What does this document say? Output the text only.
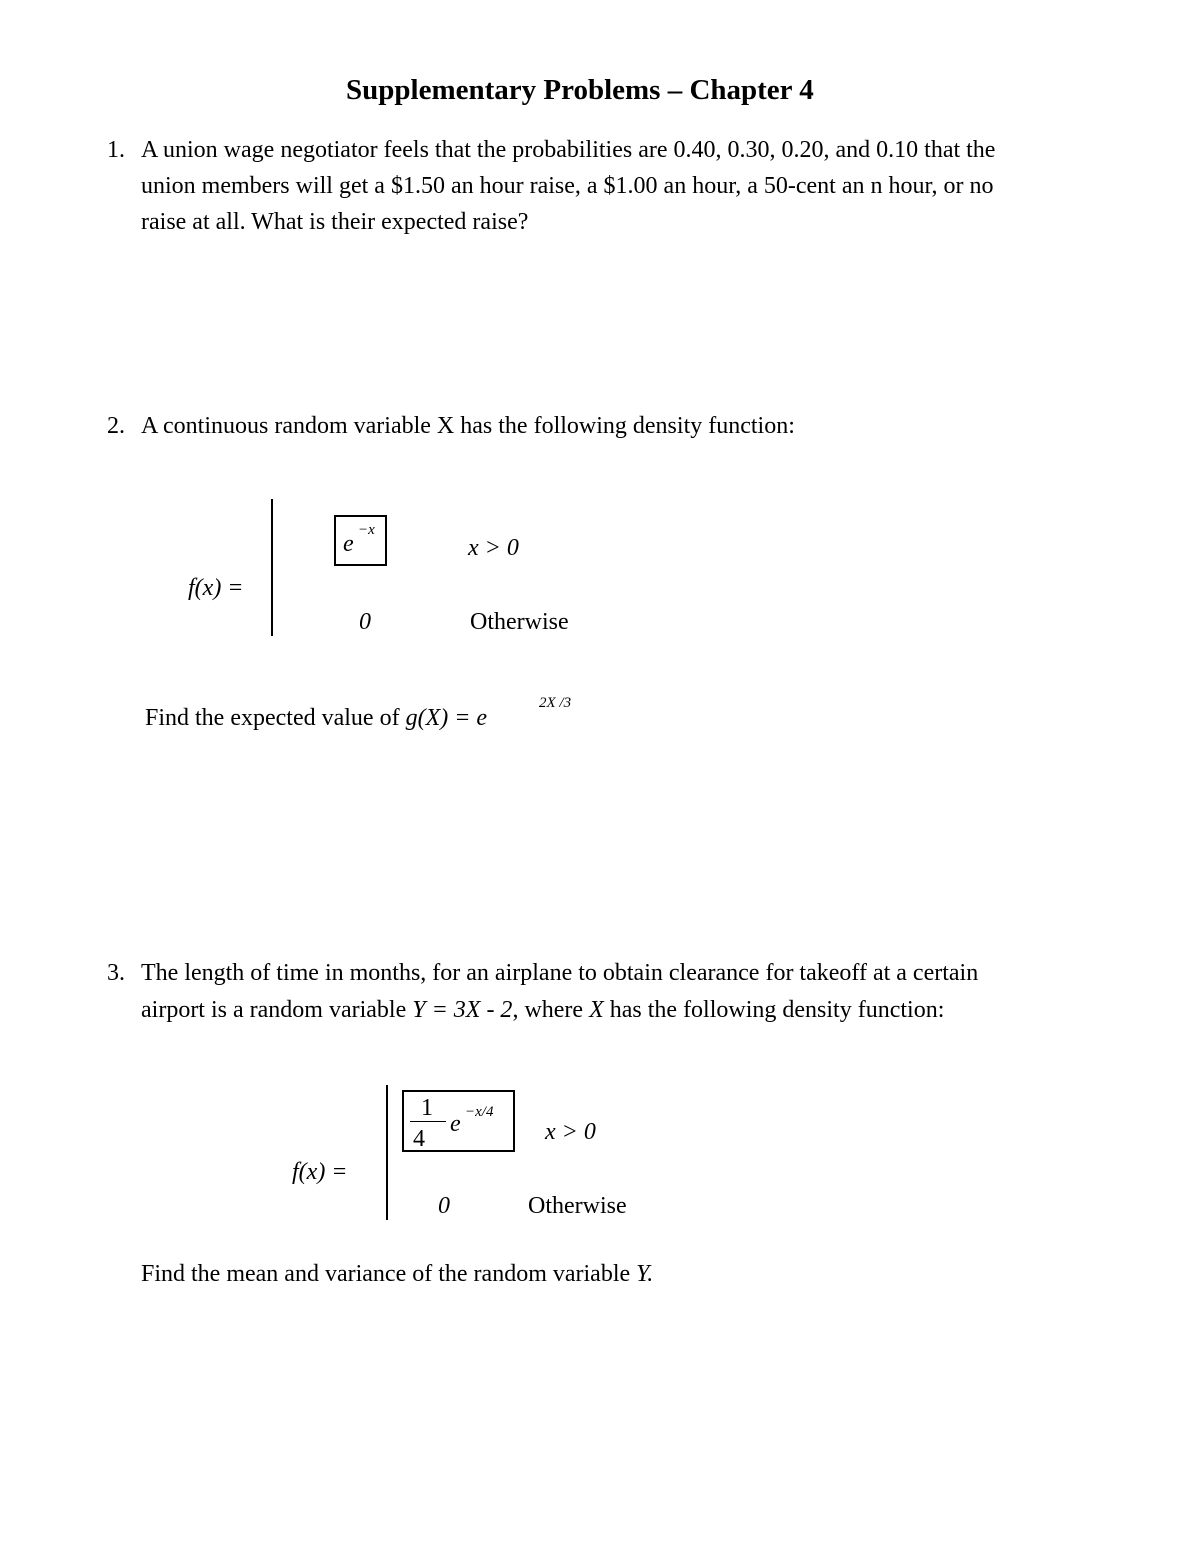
Supplementary Problems – Chapter 4
1. A union wage negotiator feels that the probabilities are 0.40, 0.30, 0.20, and 0.10 that the
union members will get a $1.50 an hour raise, a $1.00 an hour, a 50-cent an n hour, or no
raise at all. What is their expected raise?
2. A continuous random variable X has the following density function:
f(x) =
e
−x
x > 0
0	Otherwise
Find the expected value of g(X) = e
2X /3
3. The length of time in months, for an airplane to obtain clearance for takeoff at a certain
airport is a random variable Y = 3X - 2, where X has the following density function:
f(x) =
1
4
e −x/4
x > 0
0	Otherwise
Find the mean and variance of the random variable Y.
